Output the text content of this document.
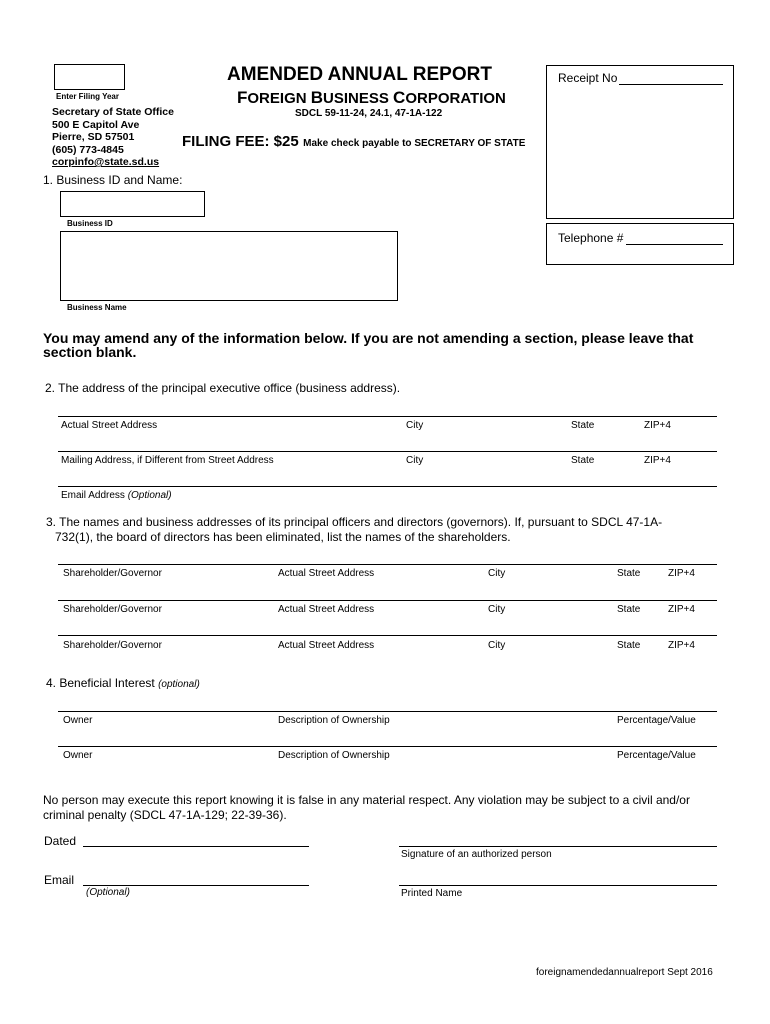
Enter Filing Year
Secretary of State Office
500 E Capitol Ave
Pierre, SD 57501
(605) 773-4845
corpinfo@state.sd.us
AMENDED ANNUAL REPORT
FOREIGN BUSINESS CORPORATION
SDCL 59-11-24, 24.1, 47-1A-122
FILING FEE: $25 Make check payable to SECRETARY OF STATE
Receipt No
Telephone #
1. Business ID and Name:
Business ID
Business Name
You may amend any of the information below. If you are not amending a section, please leave that section blank.
2. The address of the principal executive office (business address).
Actual Street Address	City	State	ZIP+4
Mailing Address, if Different from Street Address	City	State	ZIP+4
Email Address (Optional)
3. The names and business addresses of its principal officers and directors (governors). If, pursuant to SDCL 47-1A-
732(1), the board of directors has been eliminated, list the names of the shareholders.
Shareholder/Governor	Actual Street Address	City	State	ZIP+4
Shareholder/Governor	Actual Street Address	City	State	ZIP+4
Shareholder/Governor	Actual Street Address	City	State	ZIP+4
4. Beneficial Interest (optional)
Owner	Description of Ownership	Percentage/Value
Owner	Description of Ownership	Percentage/Value
No person may execute this report knowing it is false in any material respect. Any violation may be subject to a civil and/or
criminal penalty (SDCL 47-1A-129; 22-39-36).
Dated
Signature of an authorized person
Email
(Optional)	Printed Name
foreignamendedannualreport Sept 2016
